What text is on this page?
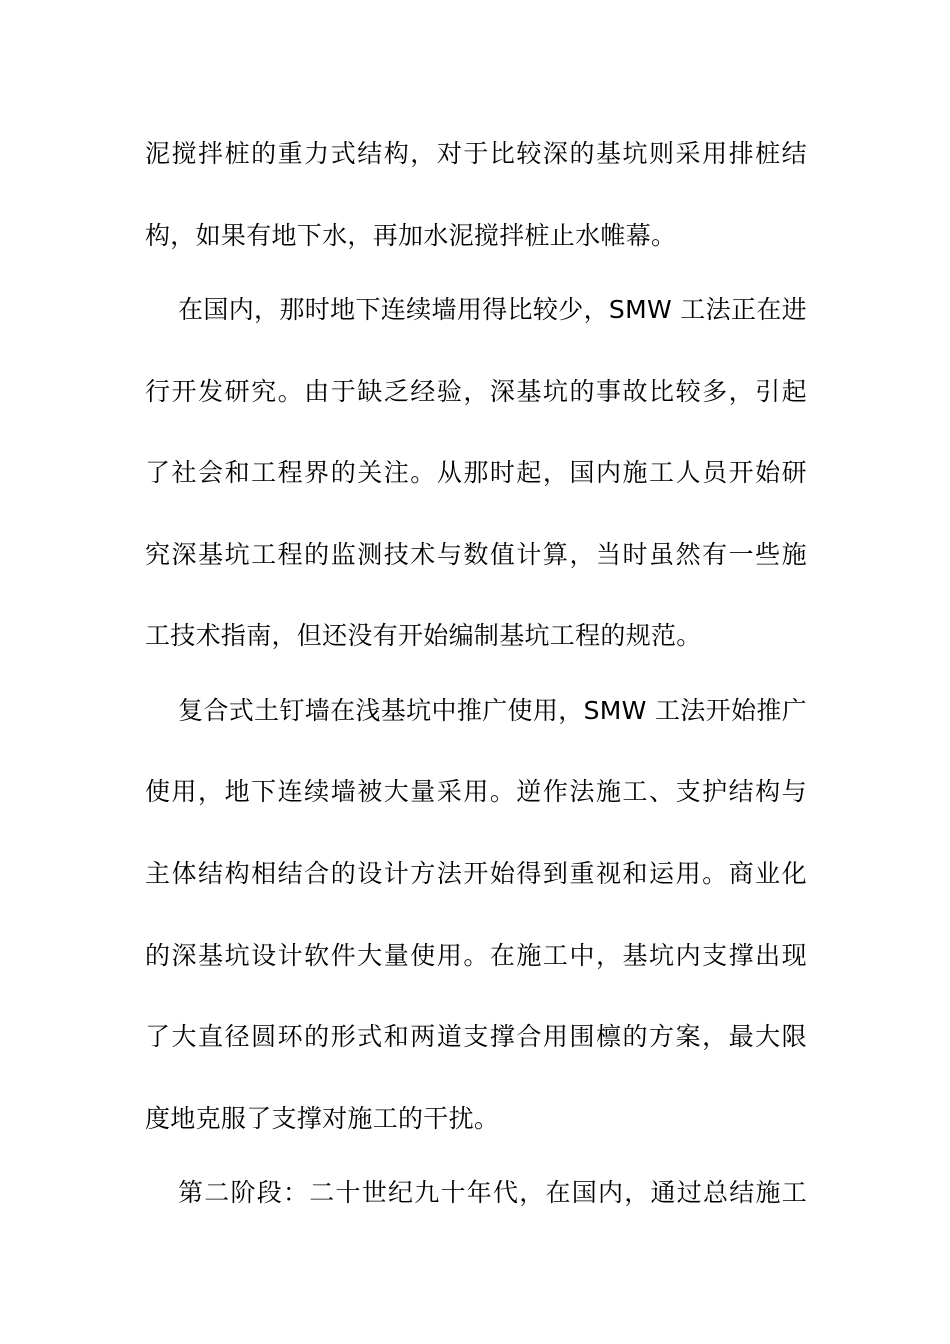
泥搅拌桩的重力式结构，对于比较深的基坑则采用排桩结
构，如果有地下水，再加水泥搅拌桩止水帷幕。
在国内，那时地下连续墙用得比较少，SMW 工法正在进
行开发研究。由于缺乏经验，深基坑的事故比较多，引起
了社会和工程界的关注。从那时起，国内施工人员开始研
究深基坑工程的监测技术与数值计算，当时虽然有一些施
工技术指南，但还没有开始编制基坑工程的规范。
复合式土钉墙在浅基坑中推广使用，SMW 工法开始推广
使用，地下连续墙被大量采用。逆作法施工、支护结构与
主体结构相结合的设计方法开始得到重视和运用。商业化
的深基坑设计软件大量使用。在施工中，基坑内支撑出现
了大直径圆环的形式和两道支撑合用围檩的方案，最大限
度地克服了支撑对施工的干扰。
第二阶段：二十世纪九十年代，在国内，通过总结施工
